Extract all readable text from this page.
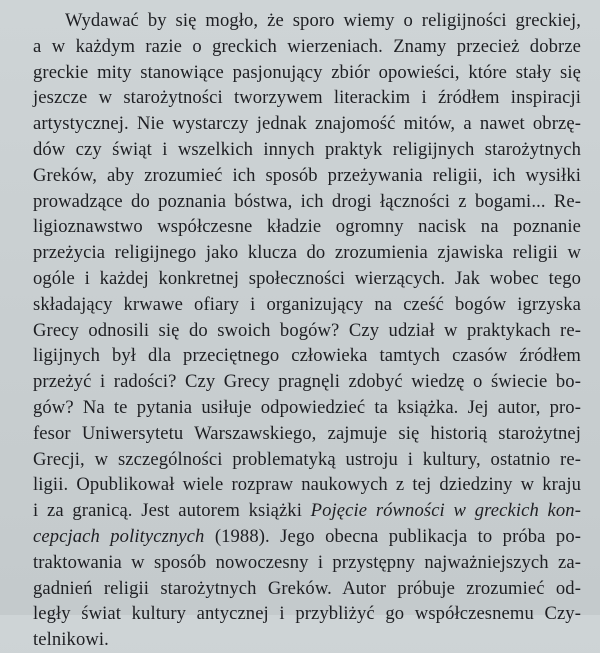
Wydawać by się mogło, że sporo wiemy o religijności greckiej,
a w każdym razie o greckich wierzeniach. Znamy przecież dobrze
greckie mity stanowiące pasjonujący zbiór opowieści, które stały się
jeszcze w starożytności tworzywem literackim i źródłem inspiracji
artystycznej. Nie wystarczy jednak znajomość mitów, a nawet obrzę-
dów czy świąt i wszelkich innych praktyk religijnych starożytnych
Greków, aby zrozumieć ich sposób przeżywania religii, ich wysiłki
prowadzące do poznania bóstwa, ich drogi łączności z bogami... Re-
ligioznawstwo współczesne kładzie ogromny nacisk na poznanie
przeżycia religijnego jako klucza do zrozumienia zjawiska religii w
ogóle i każdej konkretnej społeczności wierzących. Jak wobec tego
składający krwawe ofiary i organizujący na cześć bogów igrzyska
Grecy odnosili się do swoich bogów? Czy udział w praktykach re-
ligijnych był dla przeciętnego człowieka tamtych czasów źródłem
przeżyć i radości? Czy Grecy pragnęli zdobyć wiedzę o świecie bo-
gów? Na te pytania usiłuje odpowiedzieć ta książka. Jej autor, pro-
fesor Uniwersytetu Warszawskiego, zajmuje się historią starożytnej
Grecji, w szczególności problematyką ustroju i kultury, ostatnio re-
ligii. Opublikował wiele rozpraw naukowych z tej dziedziny w kraju
i za granicą. Jest autorem książki Pojęcie równości w greckich kon-
cepcjach politycznych (1988). Jego obecna publikacja to próba po-
traktowania w sposób nowoczesny i przystępny najważniejszych za-
gadnień religii starożytnych Greków. Autor próbuje zrozumieć od-
legły świat kultury antycznej i przybliżyć go współczesnemu Czy-
telnikowi.
